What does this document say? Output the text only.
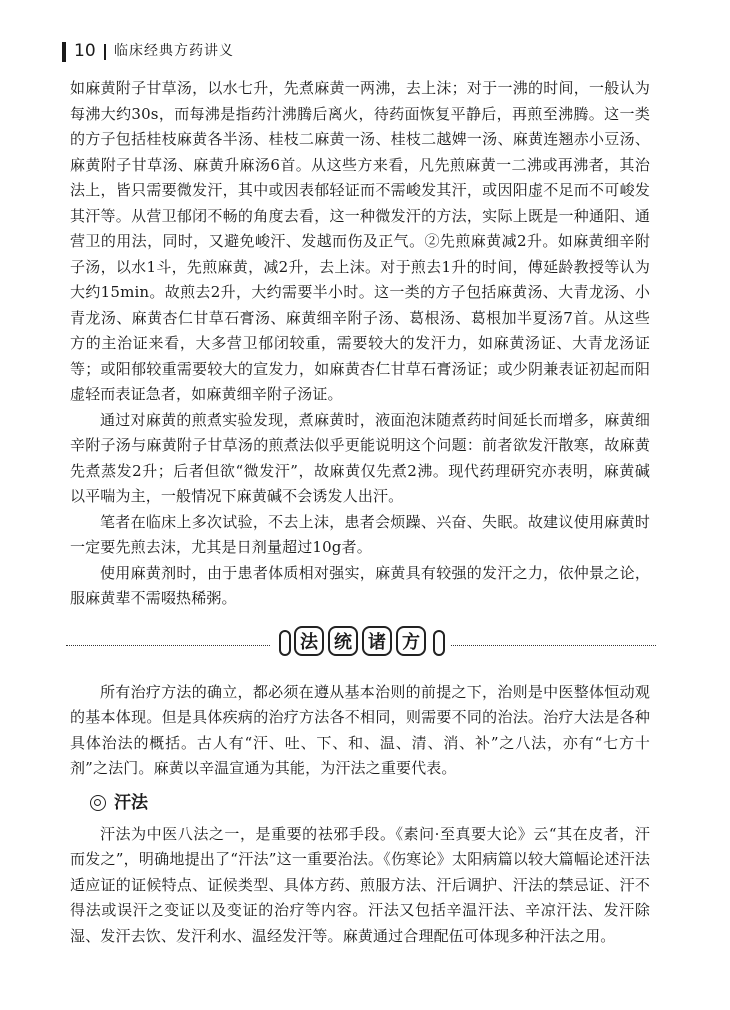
10 临床经典方药讲义

如麻黄附子甘草汤，以水七升，先煮麻黄一两沸，去上沫；对于一沸的时间，一般认为每沸大约30s，而每沸是指药汁沸腾后离火，待药面恢复平静后，再煎至沸腾。这一类的方子包括桂枝麻黄各半汤、桂枝二麻黄一汤、桂枝二越婢一汤、麻黄连翘赤小豆汤、麻黄附子甘草汤、麻黄升麻汤6首。从这些方来看，凡先煎麻黄一二沸或再沸者，其治法上，皆只需要微发汗，其中或因表郁轻证而不需峻发其汗，或因阳虚不足而不可峻发其汗等。从营卫郁闭不畅的角度去看，这一种微发汗的方法，实际上既是一种通阳、通营卫的用法，同时，又避免峻汗、发越而伤及正气。②先煎麻黄减2升。如麻黄细辛附子汤，以水1斗，先煎麻黄，减2升，去上沫。对于煎去1升的时间，傅延龄教授等认为大约15min。故煎去2升，大约需要半小时。这一类的方子包括麻黄汤、大青龙汤、小青龙汤、麻黄杏仁甘草石膏汤、麻黄细辛附子汤、葛根汤、葛根加半夏汤7首。从这些方的主治证来看，大多营卫郁闭较重，需要较大的发汗力，如麻黄汤证、大青龙汤证等；或阳郁较重需要较大的宣发力，如麻黄杏仁甘草石膏汤证；或少阴兼表证初起而阳虚轻而表证急者，如麻黄细辛附子汤证。

通过对麻黄的煎煮实验发现，煮麻黄时，液面泡沫随煮药时间延长而增多，麻黄细辛附子汤与麻黄附子甘草汤的煎煮法似乎更能说明这个问题：前者欲发汗散寒，故麻黄先煮蒸发2升；后者但欲“微发汗”，故麻黄仅先煮2沸。现代药理研究亦表明，麻黄碱以平喘为主，一般情况下麻黄碱不会诱发人出汗。

笔者在临床上多次试验，不去上沫，患者会烦躁、兴奋、失眠。故建议使用麻黄时一定要先煎去沫，尤其是日剂量超过10g者。

使用麻黄剂时，由于患者体质相对强实，麻黄具有较强的发汗之力，依仲景之论，服麻黄辈不需啜热稀粥。

法 统 诸 方

所有治疗方法的确立，都必须在遵从基本治则的前提之下，治则是中医整体恒动观的基本体现。但是具体疾病的治疗方法各不相同，则需要不同的治法。治疗大法是各种具体治法的概括。古人有“汗、吐、下、和、温、清、消、补”之八法，亦有“七方十剂”之法门。麻黄以辛温宣通为其能，为汗法之重要代表。

汗法

汗法为中医八法之一，是重要的祛邪手段。《素问·至真要大论》云“其在皮者，汗而发之”，明确地提出了“汗法”这一重要治法。《伤寒论》太阳病篇以较大篇幅论述汗法适应证的证候特点、证候类型、具体方药、煎服方法、汗后调护、汗法的禁忌证、汗不得法或误汗之变证以及变证的治疗等内容。汗法又包括辛温汗法、辛凉汗法、发汗除湿、发汗去饮、发汗利水、温经发汗等。麻黄通过合理配伍可体现多种汗法之用。
